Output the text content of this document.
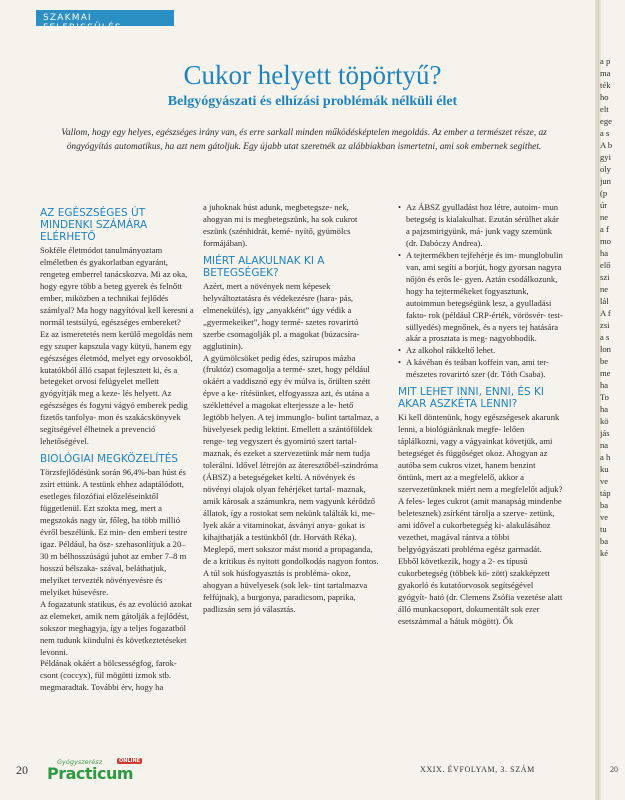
SZAKMAI FELFRISSÜLÉS
Cukor helyett töpörtyű?
Belgyógyászati és elhízási problémák nélküli élet

Vallom, hogy egy helyes, egészséges irány van, és erre sarkall minden működésképtelen megoldás. Az ember a természet része, az öngyógyítás automatikus, ha azt nem gátoljuk. Egy újabb utat szeretnék az alábbiakban ismertetni, ami sok embernek segíthet.

AZ EGÉSZSÉGES ÚT MINDENKI SZÁMÁRA ELÉRHETŐ

Sokféle életmódot tanulmányoztam elméletben és gyakorlatban egyaránt, rengeteg emberrel tanácskozva. Mi az oka, hogy egyre több a beteg gyerek és felnőtt ember, miközben a technikai fejlődés számlyal? Ma hogy nagyítóval kell keresni a normál testsúlyú, egészséges embereket?

Ez az ismeretetés nem kerülő megoldás nem egy szuper kapszula vagy kütyü, hanem egy egészséges életmód, melyet egy orvosokból, kutatókból álló csapat fejlesztett ki, és a betegeket orvosi felügyelet mellett gyógyítják meg a keze- lés helyett. Az egészséges és fogyni vágyó emberek pedig fizetős tanfolya- mon és szakácskönyvek segítségével élhetnek a prevenció lehetőségével.

BIOLÓGIAI MEGKÖZELÍTÉS

Törzsfejlődésünk során 96,4%-ban húst és zsírt ettünk. A testünk ehhez adaptálódott, esetleges filozófiai előzeléseinktől függetlenül. Ezt szokta meg, mert a megszokás nagy úr, főleg, ha több millió évről beszélünk. Ez min- den emberi testre igaz. Például, ha ösz- szehasonlítjuk a 20–30 m bélhosszúságú juhot az ember 7–8 m hosszú bélszaka- szával, beláthatjuk, melyiket tervezték növényevésre és melyiket húsevésre.

A fogazatunk statikus, és az evolúció azokat az elemeket, amik nem gátolják a fejlődést, sokszor meghagyja, így a teljes fogazatból nem tudunk kiindulni és következtetéseket levonni.

Példának okáért a bölcsességfog, farok- csont (coccyx), fül mögötti izmok stb. megmaradtak. További érv, hogy ha

a juhoknak húst adunk, megbetegsze- nek, ahogyan mi is megbetegszünk, ha sok cukrot eszünk (szénhidrát, kemé- nyítő, gyümölcs formájában).

MIÉRT ALAKULNAK KI A BETEGSÉGEK?

Azért, mert a növények nem képesek helyváltoztatásra és védekezésre (hara- pás, elmenekülés), így „anyakként” úgy védik a „gyermekeiket”, hogy termé- szetes rovarirtó szerbe csomagolják pl. a magokat (búzacsíra-agglutinin).

A gyümölcsöket pedig édes, szirupos mázba (fruktóz) csomagolja a termé- szet, hogy például okáért a vaddisznó egy év múlva is, őrülten szétt épve a ke- rítésünket, elfogyassza azt, és utána a széklettével a magokat elterjessze a le- hető legtöbb helyen. A tej immunglo- bulint tartalmaz, a hüvelyesek pedig lektint. Emellett a szántóföldek renge- teg vegyszert és gyomirtó szert tartal- maznak, és ezeket a szervezetünk már nem tudja tolerálni. Idővel létrejön az áteresztőbél-szindróma (ÁBSZ) a betegségeket kelti. A növények és növényi olajok olyan fehérjéket tartal- maznak, amik károsak a számunkra, nem vagyunk kérődző állatok, így a rostokat sem nekünk találták ki, me- lyek akár a vitaminokat, ásványi anya- gokat is kihajthatják a testünkből (dr. Horváth Réka). Meglepő, mert sokszor mást mond a propaganda, de a kritikus és nyitott gondolkodás nagyon fontos.

A túl sok húsfogyasztás is probléma- okoz, ahogyan a hüvelyesek (sok lek- tint tartalmazva felfújnak), a burgonya, paradicsom, paprika, padlizsán sem jó választás.

• Az ÁBSZ gyulladást hoz létre, autoim- mun betegség is kialakulhat. Ezután sérülhet akár a pajzsmirigyünk, má- junk vagy szemünk (dr. Dabóczy Andrea).
• A tejtermékben tejfehérje és im- munglobulin van, ami segíti a borjút, hogy gyorsan nagyra nőjön és erős le- gyen. Aztán csodálkozunk, hogy ha tejtermékeket fogyasztunk, autoimmun betegségünk lesz, a gyulladási fakto- rok (például CRP-érték, vörösvér- test-süllyedés) megnőnek, és a nyers tej hatására akár a prosztata is meg- nagyobbodik.
• Az alkohol rákkeltő lehet.
• A kávéban és teában koffein van, ami ter- mészetes rovarirtó szer (dr. Tóth Csaba).
MIT LEHET INNI, ENNI, ÉS KI AKAR ASZKÉTA LENNI?

Ki kell döntenünk, hogy egészségesek akarunk lenni, a biológiánknak megfe- lelően táplálkozni, vagy a vágyainkat követjük, ami betegséget és függőséget okoz. Ahogyan az autóba sem cukros vizet, hanem benzint öntünk, mert az a megfelelő, akkor a szervezetünknek miért nem a megfelelőt adjuk? A feles- leges cukrot (amit manapság mindenbe beletesznek) zsírként tárolja a szerve- zetünk, ami idővel a cukorbetegség ki- alakulásához vezethet, magával rántva a többi belgyógyászati probléma egész garmadát. Ebből következik, hogy a 2- es típusú cukorbetegség (többek kö- zött) szakképzett gyakorló és kutatóorvosok segítségével gyógyít- ható (dr. Clemens Zsófia vezetése alatt álló munkacsoport, dokumentált sok ezer esetszámmal a hátuk mögött). Ők

a p
ma
ték
ho
elt
ege
a s
A b
gyi
oly
jun
(p
úr
ne
a f
mo
ha
elő
szi
ne
lál
A f
zsi
a s
lon
be
me
ha
To
ha
kö
jás
na
a h
ku
ve
táp
ba
ve
tu
ba
ké
20
Gyógyszerész	ONLINE
Practicum	XXIX. ÉVFOLYAM, 3. SZÁM	20
